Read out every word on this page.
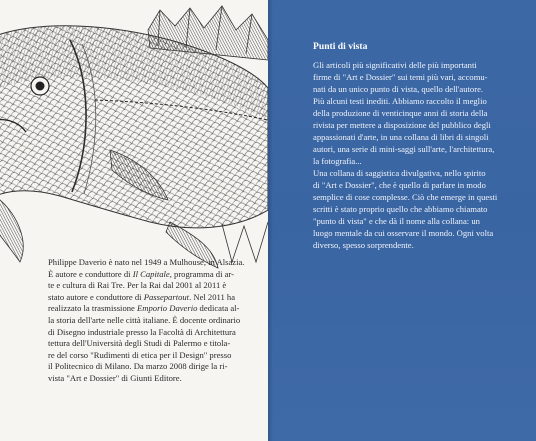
Philippe Daverio è nato nel 1949 a Mulhouse, in Alsazia.
È autore e conduttore di Il Capitale, programma di ar-
te e cultura di Rai Tre. Per la Rai dal 2001 al 2011 è
stato autore e conduttore di Passepartout. Nel 2011 ha
realizzato la trasmissione Emporio Daverio dedicata al-
la storia dell'arte nelle città italiane. È docente ordinario
di Disegno industriale presso la Facoltà di Architettura
tettura dell'Università degli Studi di Palermo e titola-
re del corso "Rudimenti di etica per il Design" presso
il Politecnico di Milano. Da marzo 2008 dirige la ri-
vista "Art e Dossier" di Giunti Editore.
Punti di vista
Gli articoli più significativi delle più importanti
firme di "Art e Dossier" sui temi più vari, accomu-
nati da un unico punto di vista, quello dell'autore.
Più alcuni testi inediti. Abbiamo raccolto il meglio
della produzione di venticinque anni di storia della
rivista per mettere a disposizione del pubblico degli
appassionati d'arte, in una collana di libri di singoli
autori, una serie di mini-saggi sull'arte, l'architettura,
la fotografia...
Una collana di saggistica divulgativa, nello spirito
di "Art e Dossier", che è quello di parlare in modo
semplice di cose complesse. Ciò che emerge in questi
scritti è stato proprio quello che abbiamo chiamato
"punto di vista" e che dà il nome alla collana: un
luogo mentale da cui osservare il mondo. Ogni volta
diverso, spesso sorprendente.
